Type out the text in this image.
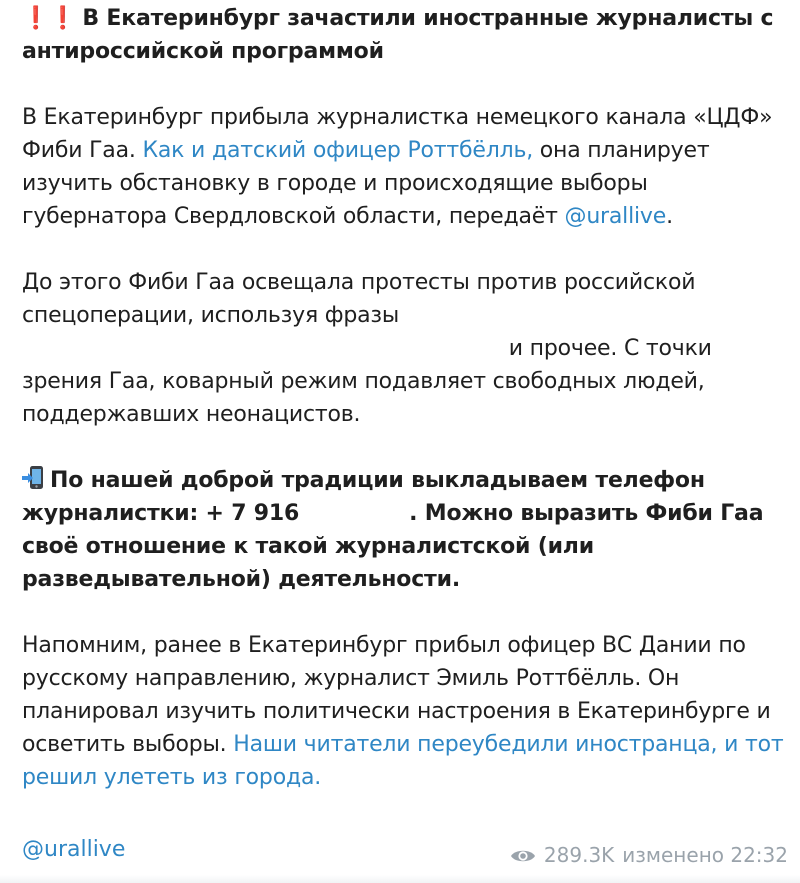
❗❗ В Екатеринбург зачастили иностранные журналисты с антироссийской программой
В Екатеринбург прибыла журналистка немецкого канала «ЦДФ» Фиби Гаа. Как и датский офицер Роттбёлль, она планирует изучить обстановку в городе и происходящие выборы губернатора Свердловской области, передаёт @urallive.
До этого Фиби Гаа освещала протесты против российской спецоперации, используя фразы и прочее. С точки зрения Гаа, коварный режим подавляет свободных людей, поддержавших неонацистов.
По нашей доброй традиции выкладываем телефон журналистки: + 7 916	. Можно выразить Фиби Гаа своё отношение к такой журналистской (или разведывательной) деятельности.
Напомним, ранее в Екатеринбург прибыл офицер ВС Дании по русскому направлению, журналист Эмиль Роттбёлль. Он планировал изучить политически настроения в Екатеринбурге и осветить выборы. Наши читатели переубедили иностранца, и тот решил улететь из города.
@urallive	289.3K изменено 22:32
